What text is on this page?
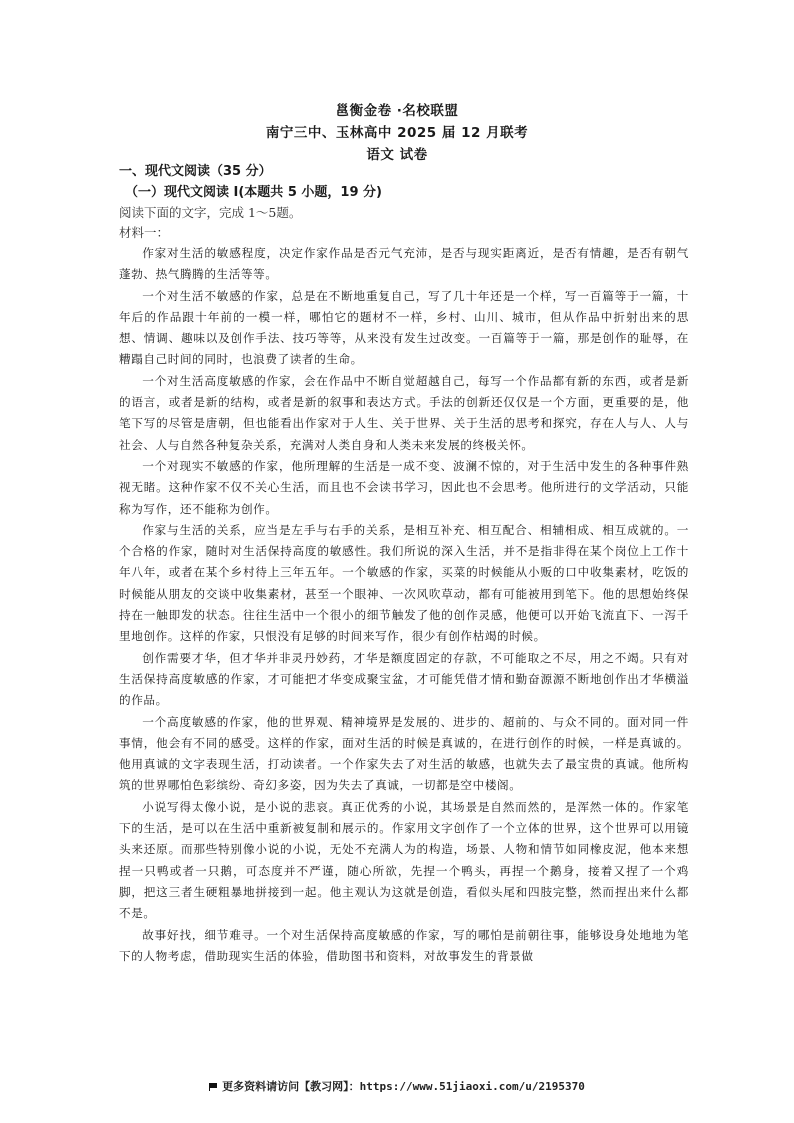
邕衡金卷 ·名校联盟
南宁三中、玉林高中 2025 届 12 月联考
语文 试卷
一、现代文阅读（35 分）
（一）现代文阅读 I(本题共 5 小题，19 分)
阅读下面的文字，完成 1～5题。
材料一：

作家对生活的敏感程度，决定作家作品是否元气充沛，是否与现实距离近，是否有情趣，是否有朝气蓬勃、热气腾腾的生活等等。

一个对生活不敏感的作家，总是在不断地重复自己，写了几十年还是一个样，写一百篇等于一篇，十年后的作品跟十年前的一模一样，哪怕它的题材不一样，乡村、山川、城市，但从作品中折射出来的思想、情调、趣味以及创作手法、技巧等等，从来没有发生过改变。一百篇等于一篇，那是创作的耻辱，在糟蹋自己时间的同时，也浪费了读者的生命。

一个对生活高度敏感的作家，会在作品中不断自觉超越自己，每写一个作品都有新的东西，或者是新的语言，或者是新的结构，或者是新的叙事和表达方式。手法的创新还仅仅是一个方面，更重要的是，他笔下写的尽管是唐朝，但也能看出作家对于人生、关于世界、关于生活的思考和探究，存在人与人、人与社会、人与自然各种复杂关系，充满对人类自身和人类未来发展的终极关怀。

一个对现实不敏感的作家，他所理解的生活是一成不变、波澜不惊的，对于生活中发生的各种事件熟视无睹。这种作家不仅不关心生活，而且也不会读书学习，因此也不会思考。他所进行的文学活动，只能称为写作，还不能称为创作。

作家与生活的关系，应当是左手与右手的关系，是相互补充、相互配合、相辅相成、相互成就的。一个合格的作家，随时对生活保持高度的敏感性。我们所说的深入生活，并不是指非得在某个岗位上工作十年八年，或者在某个乡村待上三年五年。一个敏感的作家，买菜的时候能从小贩的口中收集素材，吃饭的时候能从朋友的交谈中收集素材，甚至一个眼神、一次风吹草动，都有可能被用到笔下。他的思想始终保持在一触即发的状态。往往生活中一个很小的细节触发了他的创作灵感，他便可以开始飞流直下、一泻千里地创作。这样的作家，只恨没有足够的时间来写作，很少有创作枯竭的时候。

创作需要才华，但才华并非灵丹妙药，才华是额度固定的存款，不可能取之不尽，用之不竭。只有对生活保持高度敏感的作家，才可能把才华变成聚宝盆，才可能凭借才情和勤奋源源不断地创作出才华横溢的作品。

一个高度敏感的作家，他的世界观、精神境界是发展的、进步的、超前的、与众不同的。面对同一件事情，他会有不同的感受。这样的作家，面对生活的时候是真诚的，在进行创作的时候，一样是真诚的。他用真诚的文字表现生活，打动读者。一个作家失去了对生活的敏感，也就失去了最宝贵的真诚。他所构筑的世界哪怕色彩缤纷、奇幻多姿，因为失去了真诚，一切都是空中楼阁。

小说写得太像小说，是小说的悲哀。真正优秀的小说，其场景是自然而然的，是浑然一体的。作家笔下的生活，是可以在生活中重新被复制和展示的。作家用文字创作了一个立体的世界，这个世界可以用镜头来还原。而那些特别像小说的小说，无处不充满人为的构造，场景、人物和情节如同橡皮泥，他本来想捏一只鸭或者一只鹅，可态度并不严谨，随心所欲，先捏一个鸭头，再捏一个鹅身，接着又捏了一个鸡脚，把这三者生硬粗暴地拼接到一起。他主观认为这就是创造，看似头尾和四肢完整，然而捏出来什么都不是。

故事好找，细节难寻。一个对生活保持高度敏感的作家，写的哪怕是前朝往事，能够设身处地地为笔下的人物考虑，借助现实生活的体验，借助图书和资料，对故事发生的背景做

更多资料请访问【教习网】：https://www.51jiaoxi.com/u/2195370
